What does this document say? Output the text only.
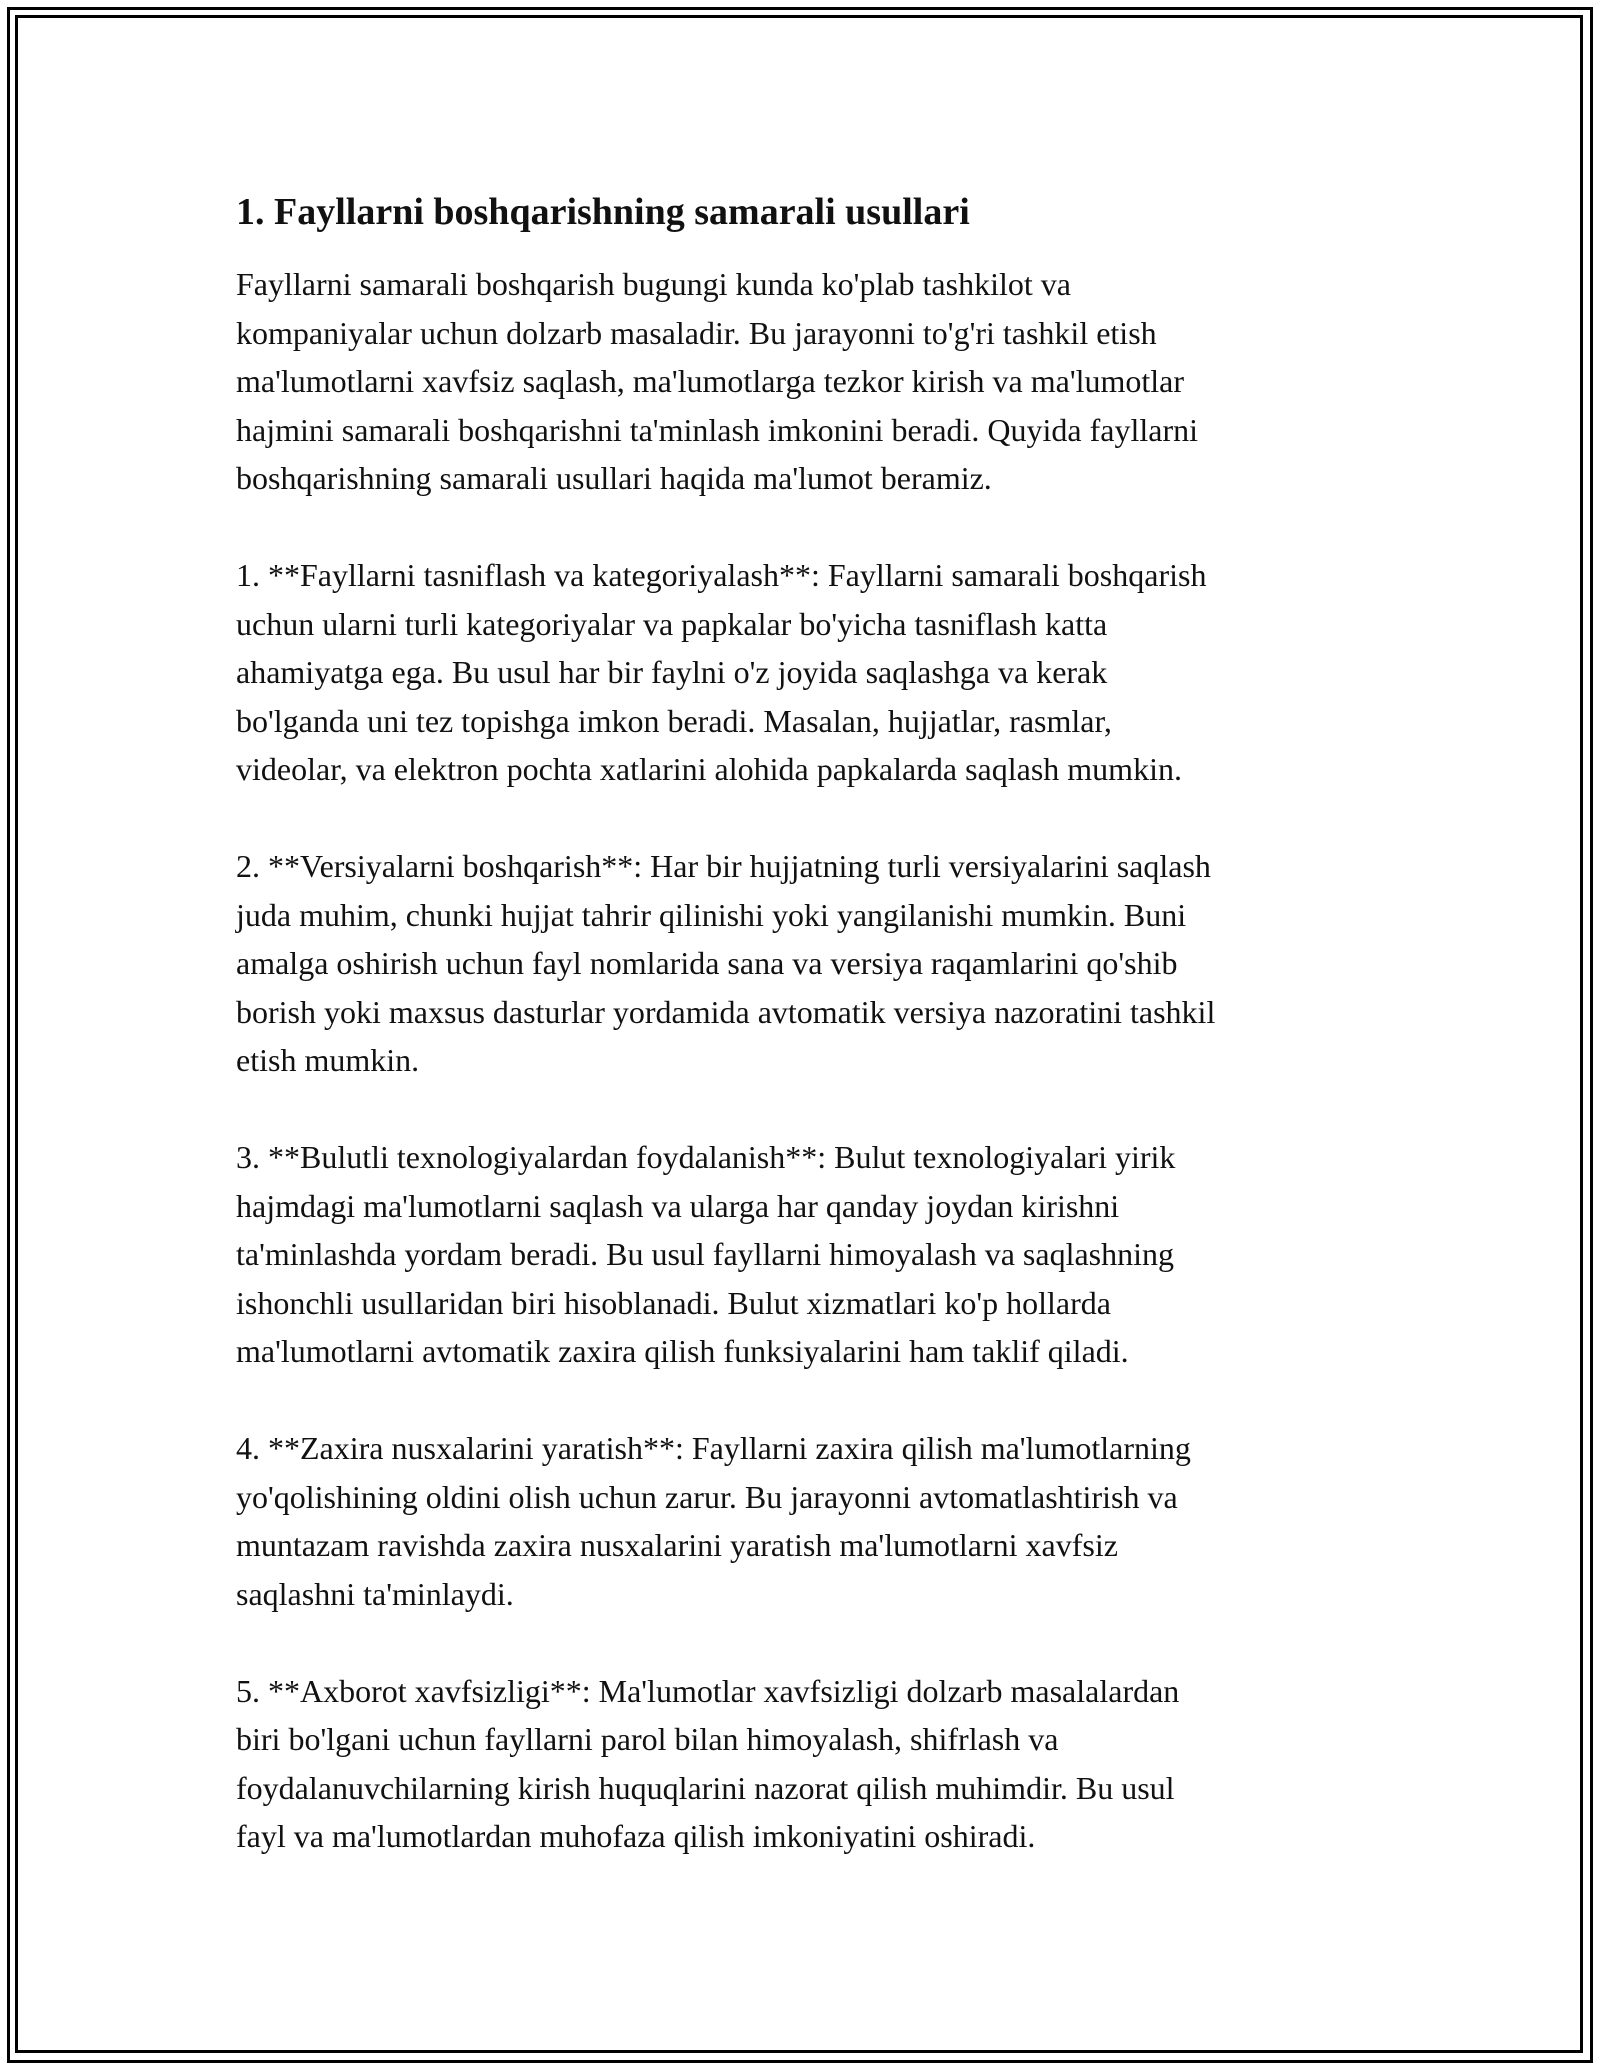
1. Fayllarni boshqarishning samarali usullari

Fayllarni samarali boshqarish bugungi kunda ko'plab tashkilot va
kompaniyalar uchun dolzarb masaladir. Bu jarayonni to'g'ri tashkil etish
ma'lumotlarni xavfsiz saqlash, ma'lumotlarga tezkor kirish va ma'lumotlar
hajmini samarali boshqarishni ta'minlash imkonini beradi. Quyida fayllarni
boshqarishning samarali usullari haqida ma'lumot beramiz.

1. **Fayllarni tasniflash va kategoriyalash**: Fayllarni samarali boshqarish
uchun ularni turli kategoriyalar va papkalar bo'yicha tasniflash katta
ahamiyatga ega. Bu usul har bir faylni o'z joyida saqlashga va kerak
bo'lganda uni tez topishga imkon beradi. Masalan, hujjatlar, rasmlar,
videolar, va elektron pochta xatlarini alohida papkalarda saqlash mumkin.

2. **Versiyalarni boshqarish**: Har bir hujjatning turli versiyalarini saqlash
juda muhim, chunki hujjat tahrir qilinishi yoki yangilanishi mumkin. Buni
amalga oshirish uchun fayl nomlarida sana va versiya raqamlarini qo'shib
borish yoki maxsus dasturlar yordamida avtomatik versiya nazoratini tashkil
etish mumkin.

3. **Bulutli texnologiyalardan foydalanish**: Bulut texnologiyalari yirik
hajmdagi ma'lumotlarni saqlash va ularga har qanday joydan kirishni
ta'minlashda yordam beradi. Bu usul fayllarni himoyalash va saqlashning
ishonchli usullaridan biri hisoblanadi. Bulut xizmatlari ko'p hollarda
ma'lumotlarni avtomatik zaxira qilish funksiyalarini ham taklif qiladi.

4. **Zaxira nusxalarini yaratish**: Fayllarni zaxira qilish ma'lumotlarning
yo'qolishining oldini olish uchun zarur. Bu jarayonni avtomatlashtirish va
muntazam ravishda zaxira nusxalarini yaratish ma'lumotlarni xavfsiz
saqlashni ta'minlaydi.

5. **Axborot xavfsizligi**: Ma'lumotlar xavfsizligi dolzarb masalalardan
biri bo'lgani uchun fayllarni parol bilan himoyalash, shifrlash va
foydalanuvchilarning kirish huquqlarini nazorat qilish muhimdir. Bu usul
fayl va ma'lumotlardan muhofaza qilish imkoniyatini oshiradi.
